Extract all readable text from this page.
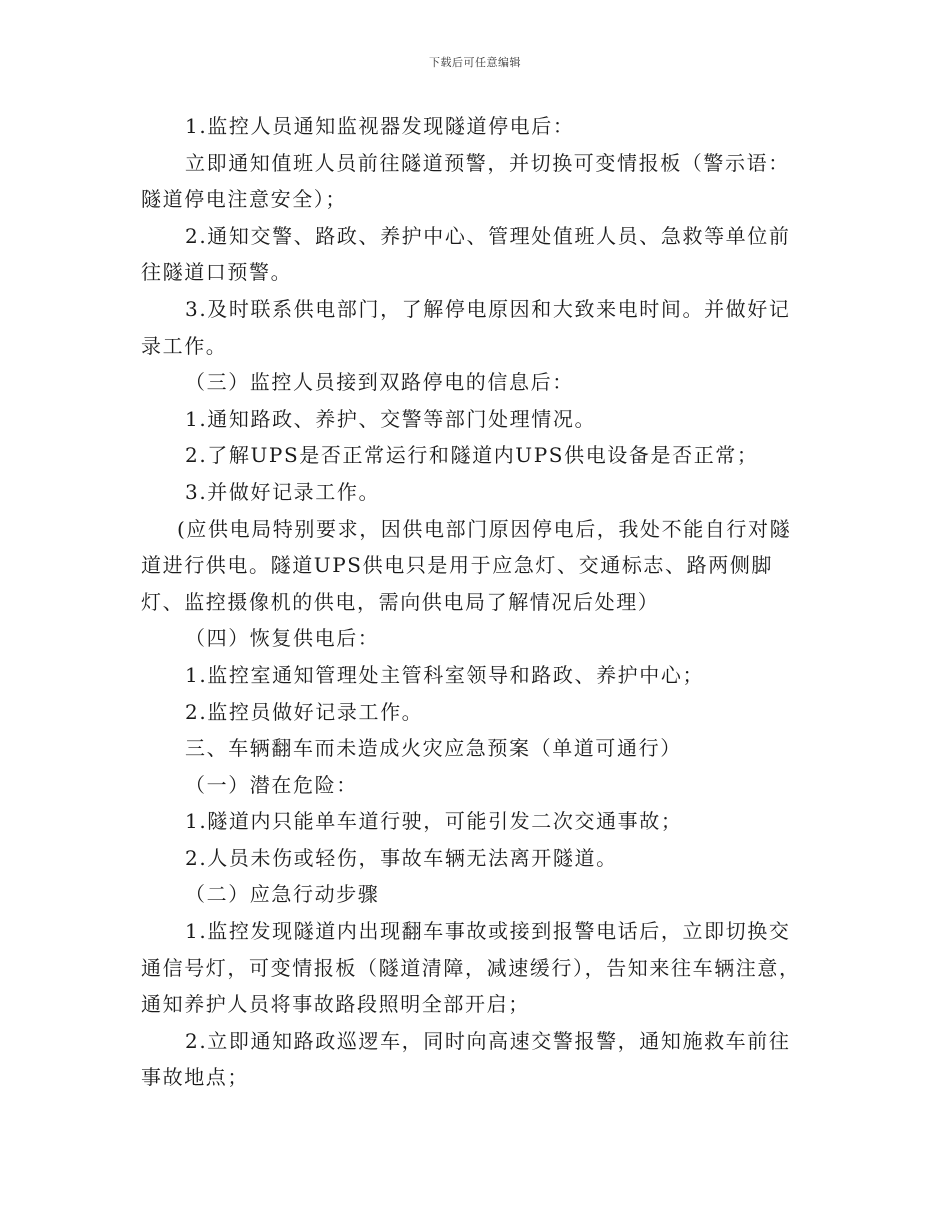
下载后可任意编辑

1.监控人员通知监视器发现隧道停电后：

立即通知值班人员前往隧道预警，并切换可变情报板（警示语：隧道停电注意安全）；

2.通知交警、路政、养护中心、管理处值班人员、急救等单位前往隧道口预警。

3.及时联系供电部门，了解停电原因和大致来电时间。并做好记录工作。

（三）监控人员接到双路停电的信息后：

1.通知路政、养护、交警等部门处理情况。

2.了解UPS是否正常运行和隧道内UPS供电设备是否正常；

3.并做好记录工作。

(应供电局特别要求，因供电部门原因停电后，我处不能自行对隧道进行供电。隧道UPS供电只是用于应急灯、交通标志、路两侧脚灯、监控摄像机的供电，需向供电局了解情况后处理）

（四）恢复供电后：

1.监控室通知管理处主管科室领导和路政、养护中心；

2.监控员做好记录工作。

三、车辆翻车而未造成火灾应急预案（单道可通行）

（一）潜在危险：

1.隧道内只能单车道行驶，可能引发二次交通事故；

2.人员未伤或轻伤，事故车辆无法离开隧道。

（二）应急行动步骤

1.监控发现隧道内出现翻车事故或接到报警电话后，立即切换交通信号灯，可变情报板（隧道清障，减速缓行），告知来往车辆注意，通知养护人员将事故路段照明全部开启；

2.立即通知路政巡逻车，同时向高速交警报警，通知施救车前往事故地点；
